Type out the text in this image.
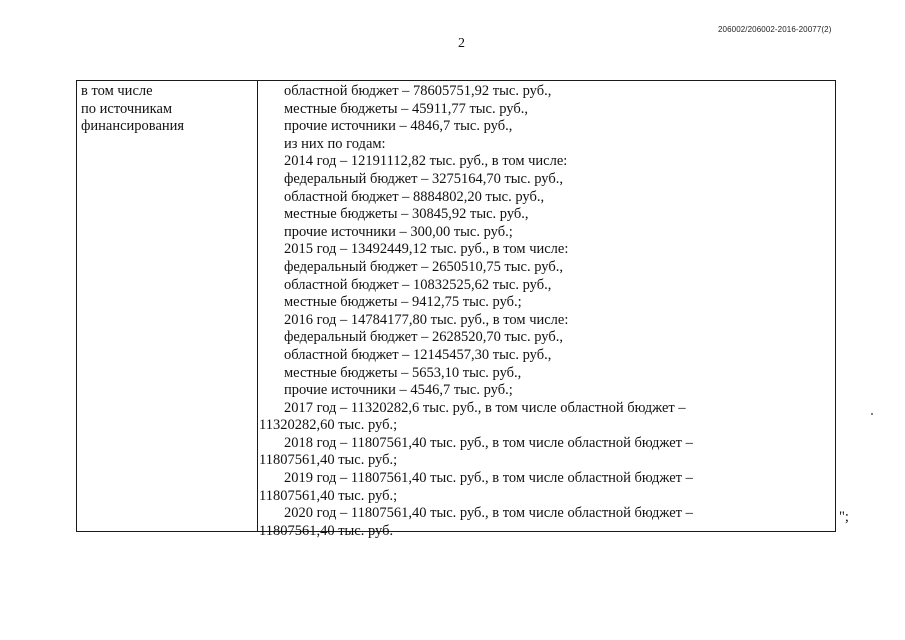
206002/206002-2016-20077(2)
2
в том числе
по источникам
финансирования
областной бюджет – 78605751,92 тыс. руб.,
местные бюджеты – 45911,77 тыс. руб.,
прочие источники – 4846,7 тыс. руб.,
из них по годам:
2014 год – 12191112,82 тыс. руб., в том числе:
федеральный бюджет – 3275164,70 тыс. руб.,
областной бюджет – 8884802,20 тыс. руб.,
местные бюджеты – 30845,92 тыс. руб.,
прочие источники – 300,00 тыс. руб.;
2015 год – 13492449,12 тыс. руб., в том числе:
федеральный бюджет – 2650510,75 тыс. руб.,
областной бюджет – 10832525,62 тыс. руб.,
местные бюджеты – 9412,75 тыс. руб.;
2016 год – 14784177,80 тыс. руб., в том числе:
федеральный бюджет – 2628520,70 тыс. руб.,
областной бюджет – 12145457,30 тыс. руб.,
местные бюджеты – 5653,10 тыс. руб.,
прочие источники – 4546,7 тыс. руб.;
2017 год – 11320282,6 тыс. руб., в том числе областной бюджет –
11320282,60 тыс. руб.;
2018 год – 11807561,40 тыс. руб., в том числе областной бюджет –
11807561,40 тыс. руб.;
2019 год – 11807561,40 тыс. руб., в том числе областной бюджет –
11807561,40 тыс. руб.;
2020 год – 11807561,40 тыс. руб., в том числе областной бюджет –
11807561,40 тыс. руб.
";
